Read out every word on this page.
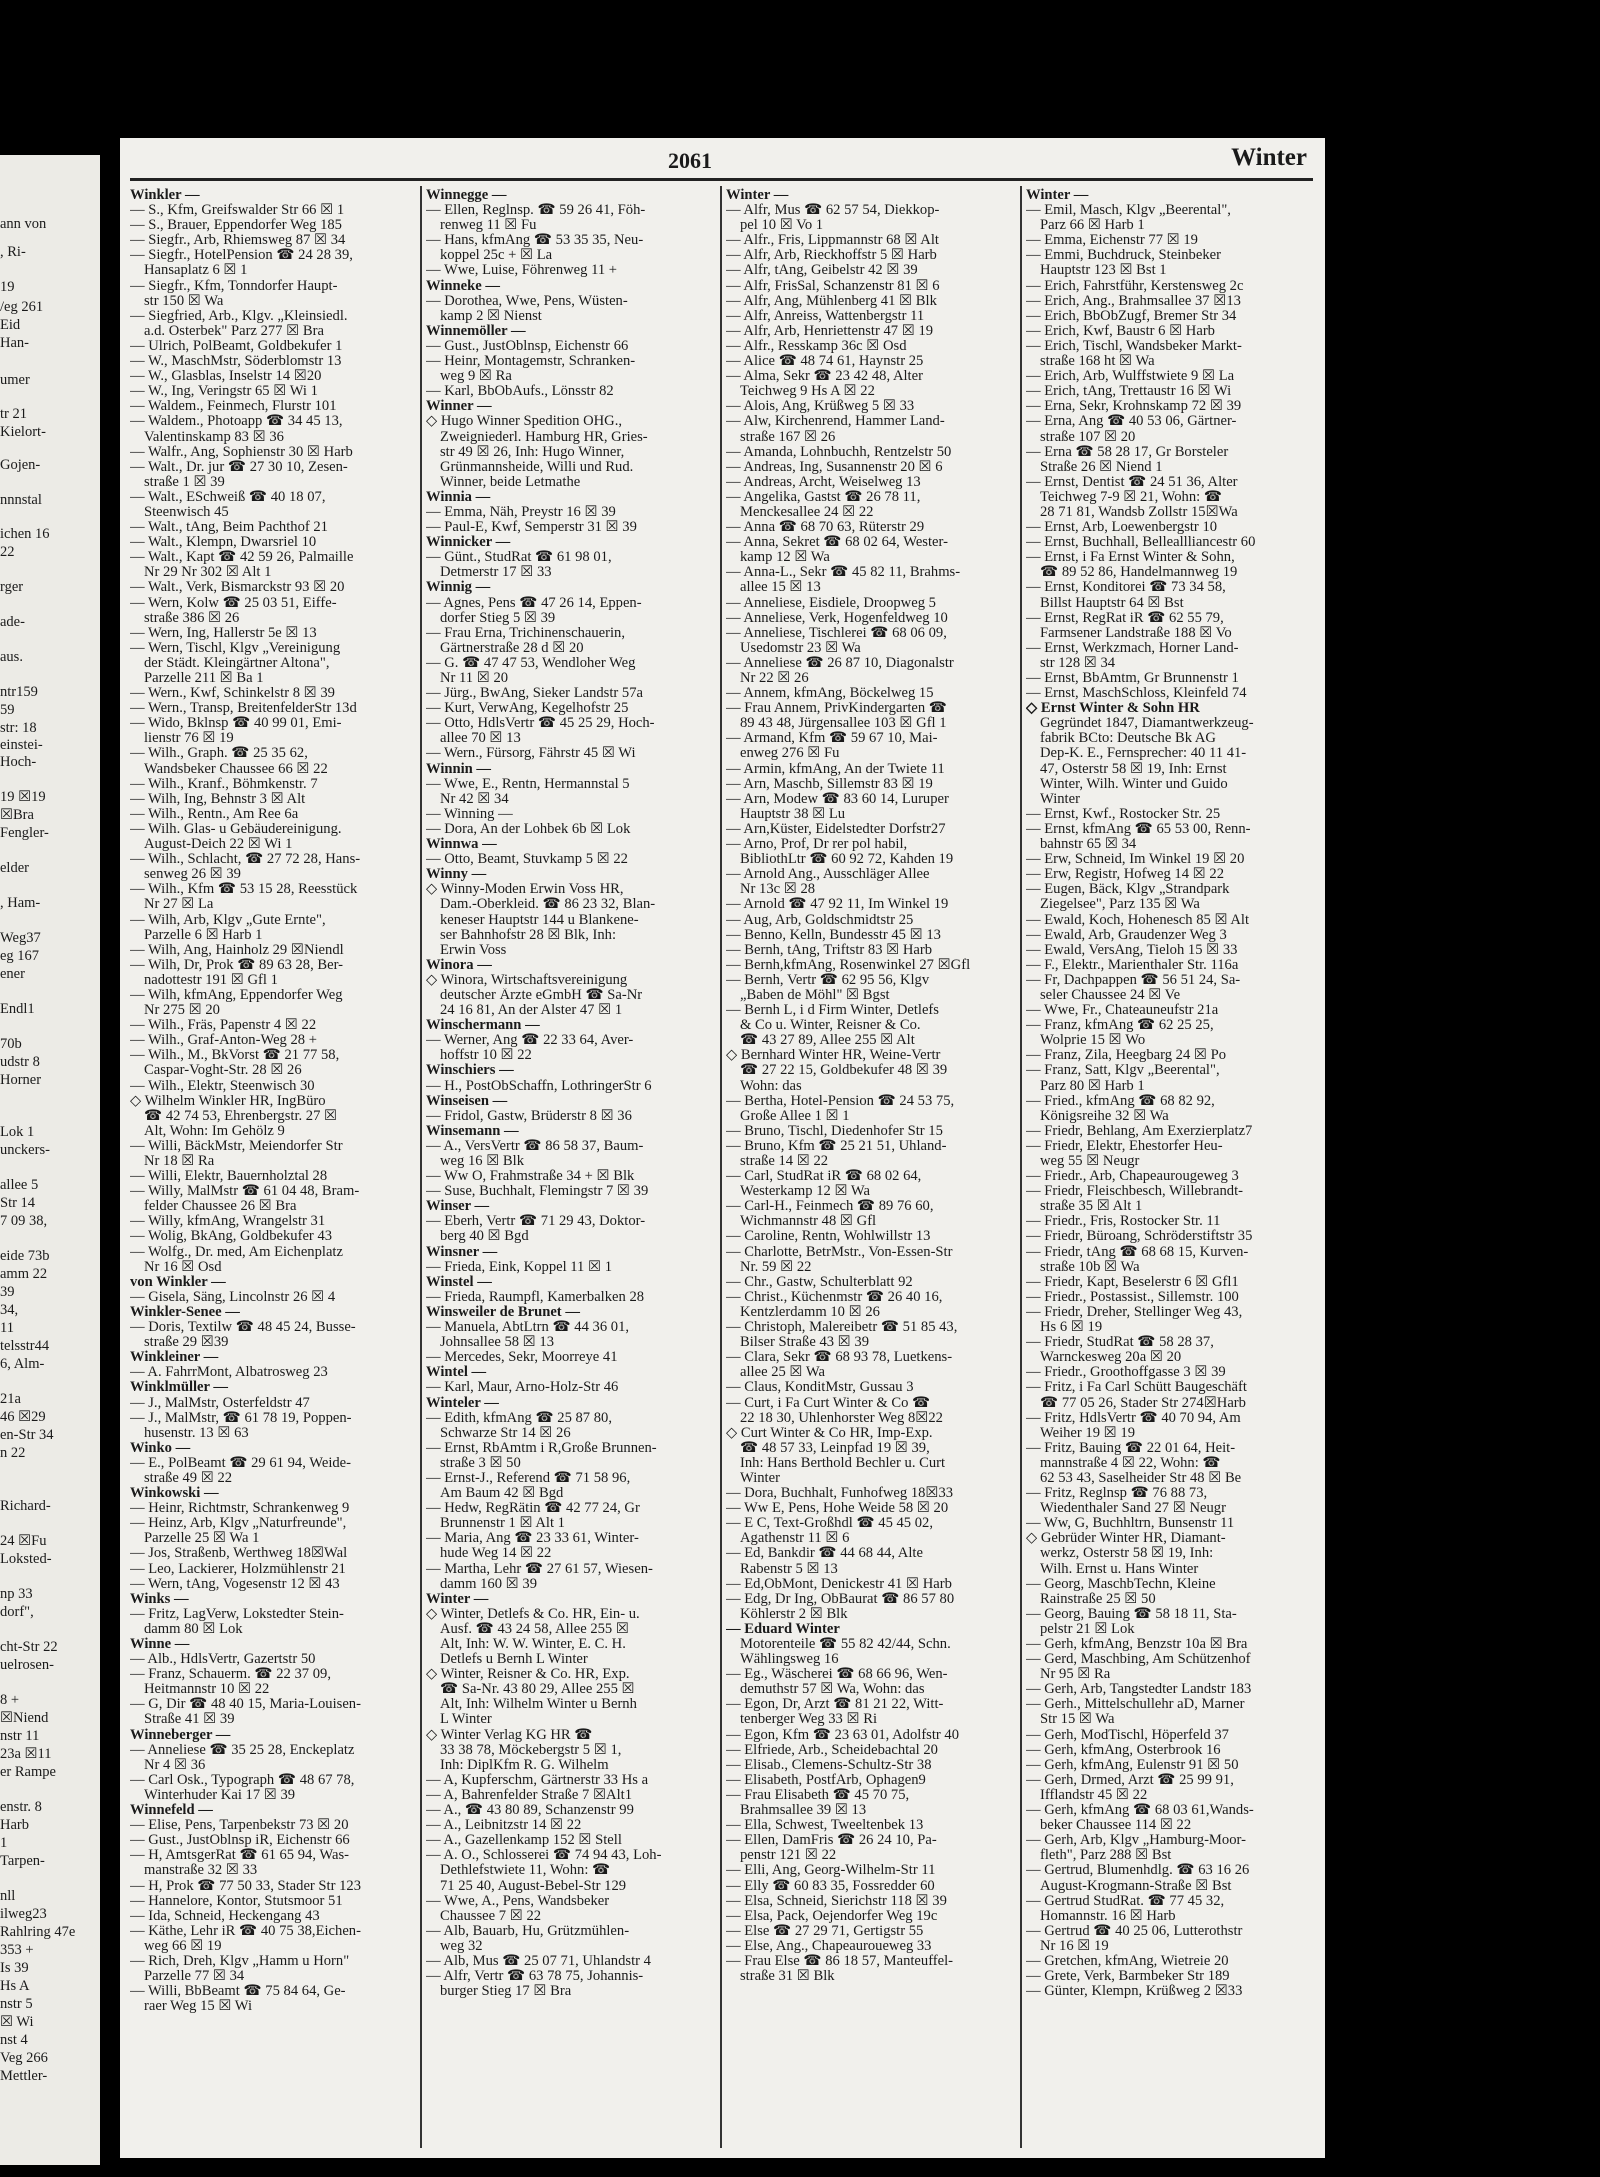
ann von
, Ri-
19
/eg 261
Eid
Han-
umer
tr 21
Kielort-
Gojen-
nnnstal
ichen 16
22
rger
ade-
aus.
ntr159
59
str: 18
einstei-
Hoch-
19 ☒19
☒Bra
Fengler-
elder
, Ham-
Weg37
eg 167
ener
Endl1
70b
udstr 8
Horner
Lok 1
unckers-
allee 5
Str 14
7 09 38,
eide 73b
amm 22
39
34,
11
telsstr44
6, Alm-
21a
46 ☒29
en-Str 34
n 22
Richard-
24 ☒Fu
Loksted-
np 33
dorf",
cht-Str 22
uelrosen-
8 +
☒Niend
nstr 11
23a ☒11
er Rampe
enstr. 8
Harb
1
Tarpen-
nll
ilweg23
Rahlring 47e
353 +
Is 39
Hs A
nstr 5
☒ Wi
nst 4
Veg 266
Mettler-
2061	Winter
Winkler —
— S., Kfm, Greifswalder Str 66 ☒ 1
— S., Brauer, Eppendorfer Weg 185
— Siegfr., Arb, Rhiemsweg 87 ☒ 34
— Siegfr., HotelPension ☎ 24 28 39,
Hansaplatz 6 ☒ 1
— Siegfr., Kfm, Tonndorfer Haupt-
str 150 ☒ Wa
— Siegfried, Arb., Klgv. „Kleinsiedl.
a.d. Osterbek" Parz 277 ☒ Bra
— Ulrich, PolBeamt, Goldbekufer 1
— W., MaschMstr, Söderblomstr 13
— W., Glasblas, Inselstr 14 ☒20
— W., Ing, Veringstr 65 ☒ Wi 1
— Waldem., Feinmech, Flurstr 101
— Waldem., Photoapp ☎ 34 45 13,
Valentinskamp 83 ☒ 36
— Walfr., Ang, Sophienstr 30 ☒ Harb
— Walt., Dr. jur ☎ 27 30 10, Zesen-
straße 1 ☒ 39
— Walt., ESchweiß ☎ 40 18 07,
Steenwisch 45
— Walt., tAng, Beim Pachthof 21
— Walt., Klempn, Dwarsriel 10
— Walt., Kapt ☎ 42 59 26, Palmaille
Nr 29 Nr 302 ☒ Alt 1
— Walt., Verk, Bismarckstr 93 ☒ 20
— Wern, Kolw ☎ 25 03 51, Eiffe-
straße 386 ☒ 26
— Wern, Ing, Hallerstr 5e ☒ 13
— Wern, Tischl, Klgv „Vereinigung
der Städt. Kleingärtner Altona",
Parzelle 211 ☒ Ba 1
— Wern., Kwf, Schinkelstr 8 ☒ 39
— Wern., Transp, BreitenfelderStr 13d
— Wido, Bklnsp ☎ 40 99 01, Emi-
lienstr 76 ☒ 19
— Wilh., Graph. ☎ 25 35 62,
Wandsbeker Chaussee 66 ☒ 22
— Wilh., Kranf., Böhmkenstr. 7
— Wilh, Ing, Behnstr 3 ☒ Alt
— Wilh., Rentn., Am Ree 6a
— Wilh. Glas- u Gebäudereinigung.
August-Deich 22 ☒ Wi 1
— Wilh., Schlacht, ☎ 27 72 28, Hans-
senweg 26 ☒ 39
— Wilh., Kfm ☎ 53 15 28, Reesstück
Nr 27 ☒ La
— Wilh, Arb, Klgv „Gute Ernte",
Parzelle 6 ☒ Harb 1
— Wilh, Ang, Hainholz 29 ☒Niendl
— Wilh, Dr, Prok ☎ 89 63 28, Ber-
nadottestr 191 ☒ Gfl 1
— Wilh, kfmAng, Eppendorfer Weg
Nr 275 ☒ 20
— Wilh., Fräs, Papenstr 4 ☒ 22
— Wilh., Graf-Anton-Weg 28 +
— Wilh., M., BkVorst ☎ 21 77 58,
Caspar-Voght-Str. 28 ☒ 26
— Wilh., Elektr, Steenwisch 30
◇ Wilhelm Winkler HR, IngBüro
☎ 42 74 53, Ehrenbergstr. 27 ☒
Alt, Wohn: Im Gehölz 9
— Willi, BäckMstr, Meiendorfer Str
Nr 18 ☒ Ra
— Willi, Elektr, Bauernholztal 28
— Willy, MalMstr ☎ 61 04 48, Bram-
felder Chaussee 26 ☒ Bra
— Willy, kfmAng, Wrangelstr 31
— Wolig, BkAng, Goldbekufer 43
— Wolfg., Dr. med, Am Eichenplatz
Nr 16 ☒ Osd
von Winkler —
— Gisela, Säng, Lincolnstr 26 ☒ 4
Winkler-Senee —
— Doris, Textilw ☎ 48 45 24, Busse-
straße 29 ☒39
Winkleiner —
— A. FahrrMont, Albatrosweg 23
Winklmüller —
— J., MalMstr, Osterfeldstr 47
— J., MalMstr, ☎ 61 78 19, Poppen-
husenstr. 13 ☒ 63
Winko —
— E., PolBeamt ☎ 29 61 94, Weide-
straße 49 ☒ 22
Winkowski —
— Heinr, Richtmstr, Schrankenweg 9
— Heinz, Arb, Klgv „Naturfreunde",
Parzelle 25 ☒ Wa 1
— Jos, Straßenb, Werthweg 18☒Wal
— Leo, Lackierer, Holzmühlenstr 21
— Wern, tAng, Vogesenstr 12 ☒ 43
Winks —
— Fritz, LagVerw, Lokstedter Stein-
damm 80 ☒ Lok
Winne —
— Alb., HdlsVertr, Gazertstr 50
— Franz, Schauerm. ☎ 22 37 09,
Heitmannstr 10 ☒ 22
— G, Dir ☎ 48 40 15, Maria-Louisen-
Straße 41 ☒ 39
Winneberger —
— Anneliese ☎ 35 25 28, Enckeplatz
Nr 4 ☒ 36
— Carl Osk., Typograph ☎ 48 67 78,
Winterhuder Kai 17 ☒ 39
Winnefeld —
— Elise, Pens, Tarpenbekstr 73 ☒ 20
— Gust., JustOblnsp iR, Eichenstr 66
— H, AmtsgerRat ☎ 61 65 94, Was-
manstraße 32 ☒ 33
— H, Prok ☎ 77 50 33, Stader Str 123
— Hannelore, Kontor, Stutsmoor 51
— Ida, Schneid, Heckengang 43
— Käthe, Lehr iR ☎ 40 75 38,Eichen-
weg 66 ☒ 19
— Rich, Dreh, Klgv „Hamm u Horn"
Parzelle 77 ☒ 34
— Willi, BbBeamt ☎ 75 84 64, Ge-
raer Weg 15 ☒ Wi
Winnegge —
— Ellen, Reglnsp. ☎ 59 26 41, Föh-
renweg 11 ☒ Fu
— Hans, kfmAng ☎ 53 35 35, Neu-
koppel 25c + ☒ La
— Wwe, Luise, Föhrenweg 11 +
Winneke —
— Dorothea, Wwe, Pens, Wüsten-
kamp 2 ☒ Nienst
Winnemöller —
— Gust., JustOblnsp, Eichenstr 66
— Heinr, Montagemstr, Schranken-
weg 9 ☒ Ra
— Karl, BbObAufs., Lönsstr 82
Winner —
◇ Hugo Winner Spedition OHG.,
Zweigniederl. Hamburg HR, Gries-
str 49 ☒ 26, Inh: Hugo Winner,
Grünmannsheide, Willi und Rud.
Winner, beide Letmathe
Winnia —
— Emma, Näh, Preystr 16 ☒ 39
— Paul-E, Kwf, Semperstr 31 ☒ 39
Winnicker —
— Günt., StudRat ☎ 61 98 01,
Detmerstr 17 ☒ 33
Winnig —
— Agnes, Pens ☎ 47 26 14, Eppen-
dorfer Stieg 5 ☒ 39
— Frau Erna, Trichinenschauerin,
Gärtnerstraße 28 d ☒ 20
— G. ☎ 47 47 53, Wendloher Weg
Nr 11 ☒ 20
— Jürg., BwAng, Sieker Landstr 57a
— Kurt, VerwAng, Kegelhofstr 25
— Otto, HdlsVertr ☎ 45 25 29, Hoch-
allee 70 ☒ 13
— Wern., Fürsorg, Fährstr 45 ☒ Wi
Winnin —
— Wwe, E., Rentn, Hermannstal 5
Nr 42 ☒ 34
— Winning —
— Dora, An der Lohbek 6b ☒ Lok
Winnwa —
— Otto, Beamt, Stuvkamp 5 ☒ 22
Winny —
◇ Winny-Moden Erwin Voss HR,
Dam.-Oberkleid. ☎ 86 23 32, Blan-
keneser Hauptstr 144 u Blankene-
ser Bahnhofstr 28 ☒ Blk, Inh:
Erwin Voss
Winora —
◇ Winora, Wirtschaftsvereinigung
deutscher Ärzte eGmbH ☎ Sa-Nr
24 16 81, An der Alster 47 ☒ 1
Winschermann —
— Werner, Ang ☎ 22 33 64, Aver-
hoffstr 10 ☒ 22
Winschiers —
— H., PostObSchaffn, LothringerStr 6
Winseisen —
— Fridol, Gastw, Brüderstr 8 ☒ 36
Winsemann —
— A., VersVertr ☎ 86 58 37, Baum-
weg 16 ☒ Blk
— Ww O, Frahmstraße 34 + ☒ Blk
— Suse, Buchhalt, Flemingstr 7 ☒ 39
Winser —
— Eberh, Vertr ☎ 71 29 43, Doktor-
berg 40 ☒ Bgd
Winsner —
— Frieda, Eink, Koppel 11 ☒ 1
Winstel —
— Frieda, Raumpfl, Kamerbalken 28
Winsweiler de Brunet —
— Manuela, AbtLtrn ☎ 44 36 01,
Johnsallee 58 ☒ 13
— Mercedes, Sekr, Moorreye 41
Wintel —
— Karl, Maur, Arno-Holz-Str 46
Winteler —
— Edith, kfmAng ☎ 25 87 80,
Schwarze Str 14 ☒ 26
— Ernst, RbAmtm i R,Große Brunnen-
straße 3 ☒ 50
— Ernst-J., Referend ☎ 71 58 96,
Am Baum 42 ☒ Bgd
— Hedw, RegRätin ☎ 42 77 24, Gr
Brunnenstr 1 ☒ Alt 1
— Maria, Ang ☎ 23 33 61, Winter-
hude Weg 14 ☒ 22
— Martha, Lehr ☎ 27 61 57, Wiesen-
damm 160 ☒ 39
Winter —
◇ Winter, Detlefs & Co. HR, Ein- u.
Ausf. ☎ 43 24 58, Allee 255 ☒
Alt, Inh: W. W. Winter, E. C. H.
Detlefs u Bernh L Winter
◇ Winter, Reisner & Co. HR, Exp.
☎ Sa-Nr. 43 80 29, Allee 255 ☒
Alt, Inh: Wilhelm Winter u Bernh
L Winter
◇ Winter Verlag KG HR ☎
33 38 78, Möckebergstr 5 ☒ 1,
Inh: DiplKfm R. G. Wilhelm
— A, Kupferschm, Gärtnerstr 33 Hs a
— A, Bahrenfelder Straße 7 ☒Alt1
— A., ☎ 43 80 89, Schanzenstr 99
— A., Leibnitzstr 14 ☒ 22
— A., Gazellenkamp 152 ☒ Stell
— A. O., Schlosserei ☎ 74 94 43, Loh-
Dethlefstwiete 11, Wohn: ☎
71 25 40, August-Bebel-Str 129
— Wwe, A., Pens, Wandsbeker
Chaussee 7 ☒ 22
— Alb, Bauarb, Hu, Grützmühlen-
weg 32
— Alb, Mus ☎ 25 07 71, Uhlandstr 4
— Alfr, Vertr ☎ 63 78 75, Johannis-
burger Stieg 17 ☒ Bra
Winter —
— Alfr, Mus ☎ 62 57 54, Diekkop-
pel 10 ☒ Vo 1
— Alfr., Fris, Lippmannstr 68 ☒ Alt
— Alfr, Arb, Rieckhoffstr 5 ☒ Harb
— Alfr, tAng, Geibelstr 42 ☒ 39
— Alfr, FrisSal, Schanzenstr 81 ☒ 6
— Alfr, Ang, Mühlenberg 41 ☒ Blk
— Alfr, Anreiss, Wattenbergstr 11
— Alfr, Arb, Henriettenstr 47 ☒ 19
— Alfr., Resskamp 36c ☒ Osd
— Alice ☎ 48 74 61, Haynstr 25
— Alma, Sekr ☎ 23 42 48, Alter
Teichweg 9 Hs A ☒ 22
— Alois, Ang, Krüßweg 5 ☒ 33
— Alw, Kirchenrend, Hammer Land-
straße 167 ☒ 26
— Amanda, Lohnbuchh, Rentzelstr 50
— Andreas, Ing, Susannenstr 20 ☒ 6
— Andreas, Archt, Weiselweg 13
— Angelika, Gastst ☎ 26 78 11,
Menckesallee 24 ☒ 22
— Anna ☎ 68 70 63, Rüterstr 29
— Anna, Sekret ☎ 68 02 64, Wester-
kamp 12 ☒ Wa
— Anna-L., Sekr ☎ 45 82 11, Brahms-
allee 15 ☒ 13
— Anneliese, Eisdiele, Droopweg 5
— Anneliese, Verk, Hogenfeldweg 10
— Anneliese, Tischlerei ☎ 68 06 09,
Usedomstr 23 ☒ Wa
— Anneliese ☎ 26 87 10, Diagonalstr
Nr 22 ☒ 26
— Annem, kfmAng, Böckelweg 15
— Frau Annem, PrivKindergarten ☎
89 43 48, Jürgensallee 103 ☒ Gfl 1
— Armand, Kfm ☎ 59 67 10, Mai-
enweg 276 ☒ Fu
— Armin, kfmAng, An der Twiete 11
— Arn, Maschb, Sillemstr 83 ☒ 19
— Arn, Modew ☎ 83 60 14, Luruper
Hauptstr 38 ☒ Lu
— Arn,Küster, Eidelstedter Dorfstr27
— Arno, Prof, Dr rer pol habil,
BibliothLtr ☎ 60 92 72, Kahden 19
— Arnold Ang., Ausschläger Allee
Nr 13c ☒ 28
— Arnold ☎ 47 92 11, Im Winkel 19
— Aug, Arb, Goldschmidtstr 25
— Benno, Kelln, Bundesstr 45 ☒ 13
— Bernh, tAng, Triftstr 83 ☒ Harb
— Bernh,kfmAng, Rosenwinkel 27 ☒Gfl
— Bernh, Vertr ☎ 62 95 56, Klgv
„Baben de Möhl" ☒ Bgst
— Bernh L, i d Firm Winter, Detlefs
& Co u. Winter, Reisner & Co.
☎ 43 27 89, Allee 255 ☒ Alt
◇ Bernhard Winter HR, Weine-Vertr
☎ 27 22 15, Goldbekufer 48 ☒ 39
Wohn: das
— Bertha, Hotel-Pension ☎ 24 53 75,
Große Allee 1 ☒ 1
— Bruno, Tischl, Diedenhofer Str 15
— Bruno, Kfm ☎ 25 21 51, Uhland-
straße 14 ☒ 22
— Carl, StudRat iR ☎ 68 02 64,
Westerkamp 12 ☒ Wa
— Carl-H., Feinmech ☎ 89 76 60,
Wichmannstr 48 ☒ Gfl
— Caroline, Rentn, Wohlwillstr 13
— Charlotte, BetrMstr., Von-Essen-Str
Nr. 59 ☒ 22
— Chr., Gastw, Schulterblatt 92
— Christ., Küchenmstr ☎ 26 40 16,
Kentzlerdamm 10 ☒ 26
— Christoph, Malereibetr ☎ 51 85 43,
Bilser Straße 43 ☒ 39
— Clara, Sekr ☎ 68 93 78, Luetkens-
allee 25 ☒ Wa
— Claus, KonditMstr, Gussau 3
— Curt, i Fa Curt Winter & Co ☎
22 18 30, Uhlenhorster Weg 8☒22
◇ Curt Winter & Co HR, Imp-Exp.
☎ 48 57 33, Leinpfad 19 ☒ 39,
Inh: Hans Berthold Bechler u. Curt
Winter
— Dora, Buchhalt, Funhofweg 18☒33
— Ww E, Pens, Hohe Weide 58 ☒ 20
— E C, Text-Großhdl ☎ 45 45 02,
Agathenstr 11 ☒ 6
— Ed, Bankdir ☎ 44 68 44, Alte
Rabenstr 5 ☒ 13
— Ed,ObMont, Denickestr 41 ☒ Harb
— Edg, Dr Ing, ObBaurat ☎ 86 57 80
Köhlerstr 2 ☒ Blk
— Eduard Winter
Motorenteile ☎ 55 82 42/44, Schn.
Wählingsweg 16
— Eg., Wäscherei ☎ 68 66 96, Wen-
demuthstr 57 ☒ Wa, Wohn: das
— Egon, Dr, Arzt ☎ 81 21 22, Witt-
tenberger Weg 33 ☒ Ri
— Egon, Kfm ☎ 23 63 01, Adolfstr 40
— Elfriede, Arb., Scheidebachtal 20
— Elisab., Clemens-Schultz-Str 38
— Elisabeth, PostfArb, Ophagen9
— Frau Elisabeth ☎ 45 70 75,
Brahmsallee 39 ☒ 13
— Ella, Schwest, Tweeltenbek 13
— Ellen, DamFris ☎ 26 24 10, Pa-
penstr 121 ☒ 22
— Elli, Ang, Georg-Wilhelm-Str 11
— Elly ☎ 60 83 35, Fossredder 60
— Elsa, Schneid, Sierichstr 118 ☒ 39
— Elsa, Pack, Oejendorfer Weg 19c
— Else ☎ 27 29 71, Gertigstr 55
— Else, Ang., Chapeauroueweg 33
— Frau Else ☎ 86 18 57, Manteuffel-
straße 31 ☒ Blk
Winter —
— Emil, Masch, Klgv „Beerental",
Parz 66 ☒ Harb 1
— Emma, Eichenstr 77 ☒ 19
— Emmi, Buchdruck, Steinbeker
Hauptstr 123 ☒ Bst 1
— Erich, Fahrstführ, Kerstensweg 2c
— Erich, Ang., Brahmsallee 37 ☒13
— Erich, BbObZugf, Bremer Str 34
— Erich, Kwf, Baustr 6 ☒ Harb
— Erich, Tischl, Wandsbeker Markt-
straße 168 ht ☒ Wa
— Erich, Arb, Wulffstwiete 9 ☒ La
— Erich, tAng, Trettaustr 16 ☒ Wi
— Erna, Sekr, Krohnskamp 72 ☒ 39
— Erna, Ang ☎ 40 53 06, Gärtner-
straße 107 ☒ 20
— Erna ☎ 58 28 17, Gr Borsteler
Straße 26 ☒ Niend 1
— Ernst, Dentist ☎ 24 51 36, Alter
Teichweg 7-9 ☒ 21, Wohn: ☎
28 71 81, Wandsb Zollstr 15☒Wa
— Ernst, Arb, Loewenbergstr 10
— Ernst, Buchhall, Belleallliancestr 60
— Ernst, i Fa Ernst Winter & Sohn,
☎ 89 52 86, Handelmannweg 19
— Ernst, Konditorei ☎ 73 34 58,
Billst Hauptstr 64 ☒ Bst
— Ernst, RegRat iR ☎ 62 55 79,
Farmsener Landstraße 188 ☒ Vo
— Ernst, Werkzmach, Horner Land-
str 128 ☒ 34
— Ernst, BbAmtm, Gr Brunnenstr 1
— Ernst, MaschSchloss, Kleinfeld 74
◇ Ernst Winter & Sohn HR
Gegründet 1847, Diamantwerkzeug-
fabrik BCto: Deutsche Bk AG
Dep-K. E., Fernsprecher: 40 11 41-
47, Osterstr 58 ☒ 19, Inh: Ernst
Winter, Wilh. Winter und Guido
Winter
— Ernst, Kwf., Rostocker Str. 25
— Ernst, kfmAng ☎ 65 53 00, Renn-
bahnstr 65 ☒ 34
— Erw, Schneid, Im Winkel 19 ☒ 20
— Erw, Registr, Hofweg 14 ☒ 22
— Eugen, Bäck, Klgv „Strandpark
Ziegelsee", Parz 135 ☒ Wa
— Ewald, Koch, Hohenesch 85 ☒ Alt
— Ewald, Arb, Graudenzer Weg 3
— Ewald, VersAng, Tieloh 15 ☒ 33
— F., Elektr., Marienthaler Str. 116a
— Fr, Dachpappen ☎ 56 51 24, Sa-
seler Chaussee 24 ☒ Ve
— Wwe, Fr., Chateauneufstr 21a
— Franz, kfmAng ☎ 62 25 25,
Wolpriе 15 ☒ Wo
— Franz, Zila, Heegbarg 24 ☒ Po
— Franz, Satt, Klgv „Beerental",
Parz 80 ☒ Harb 1
— Fried., kfmAng ☎ 68 82 92,
Königsreihe 32 ☒ Wa
— Friedr, Behlang, Am Exerzierplatz7
— Friedr, Elektr, Ehestorfer Heu-
weg 55 ☒ Neugr
— Friedr., Arb, Chapeaurougeweg 3
— Friedr, Fleischbesch, Willebrandt-
straße 35 ☒ Alt 1
— Friedr., Fris, Rostocker Str. 11
— Friedr, Büroang, Schröderstiftstr 35
— Friedr, tAng ☎ 68 68 15, Kurven-
straße 10b ☒ Wa
— Friedr, Kapt, Beselerstr 6 ☒ Gfl1
— Friedr., Postassist., Sillemstr. 100
— Friedr, Dreher, Stellinger Weg 43,
Hs 6 ☒ 19
— Friedr, StudRat ☎ 58 28 37,
Warnckesweg 20a ☒ 20
— Friedr., Groothoffgasse 3 ☒ 39
— Fritz, i Fa Carl Schütt Baugeschäft
☎ 77 05 26, Stader Str 274☒Harb
— Fritz, HdlsVertr ☎ 40 70 94, Am
Weiher 19 ☒ 19
— Fritz, Bauing ☎ 22 01 64, Heit-
mannstraße 4 ☒ 22, Wohn: ☎
62 53 43, Saselheider Str 48 ☒ Be
— Fritz, Reglnsp ☎ 76 88 73,
Wiedenthaler Sand 27 ☒ Neugr
— Ww, G, Buchhltrn, Bunsenstr 11
◇ Gebrüder Winter HR, Diamant-
werkz, Osterstr 58 ☒ 19, Inh:
Wilh. Ernst u. Hans Winter
— Georg, MaschbTechn, Kleine
Rainstraße 25 ☒ 50
— Georg, Bauing ☎ 58 18 11, Sta-
pelstr 21 ☒ Lok
— Gerh, kfmAng, Benzstr 10a ☒ Bra
— Gerd, Maschbing, Am Schützenhof
Nr 95 ☒ Ra
— Gerh, Arb, Tangstedter Landstr 183
— Gerh., Mittelschullehr aD, Marner
Str 15 ☒ Wa
— Gerh, ModTischl, Höperfeld 37
— Gerh, kfmAng, Osterbrook 16
— Gerh, kfmAng, Eulenstr 91 ☒ 50
— Gerh, Drmed, Arzt ☎ 25 99 91,
Ifflandstr 45 ☒ 22
— Gerh, kfmAng ☎ 68 03 61,Wands-
beker Chaussee 114 ☒ 22
— Gerh, Arb, Klgv „Hamburg-Moor-
fleth", Parz 288 ☒ Bst
— Gertrud, Blumenhdlg. ☎ 63 16 26
August-Krogmann-Straße ☒ Bst
— Gertrud StudRat. ☎ 77 45 32,
Homannstr. 16 ☒ Harb
— Gertrud ☎ 40 25 06, Lutterothstr
Nr 16 ☒ 19
— Gretchen, kfmAng, Wietreie 20
— Grete, Verk, Barmbeker Str 189
— Günter, Klempn, Krüßweg 2 ☒33
